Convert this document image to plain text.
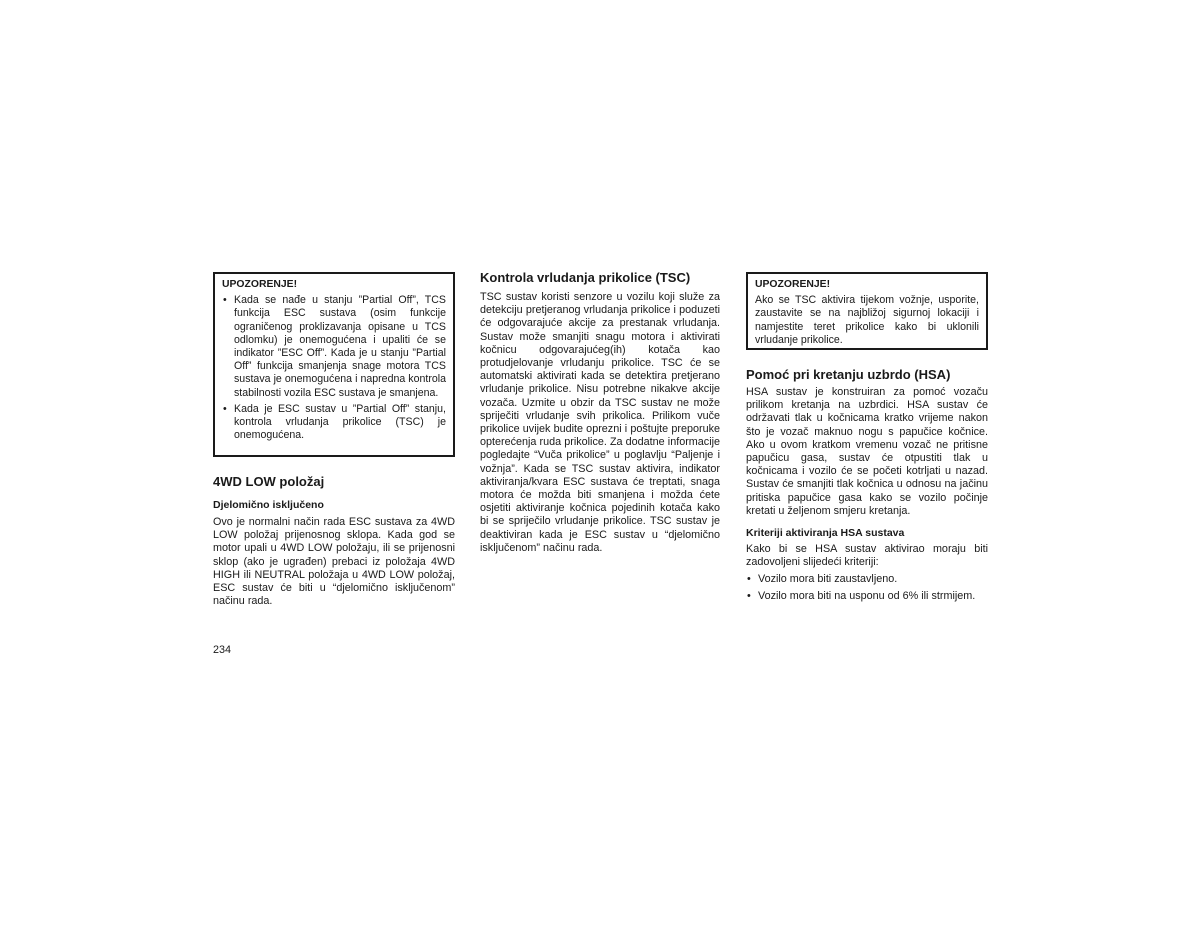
UPOZORENJE!

• Kada se nađe u stanju ”Partial Off”, TCS funkcija ESC sustava (osim funkcije ograničenog proklizavanja opisane u TCS odlomku) je onemogućena i upaliti će se indikator ”ESC Off”. Kada je u stanju ”Partial Off” funkcija smanjenja snage motora TCS sustava je onemogućena i napredna kontrola stabilnosti vozila ESC sustava je smanjena.
• Kada je ESC sustav u ”Partial Off” stanju, kontrola vrludanja prikolice (TSC) je onemogućena.
4WD LOW položaj
Djelomično isključeno

Ovo je normalni način rada ESC sustava za 4WD LOW položaj prijenosnog sklopa. Kada god se motor upali u 4WD LOW položaju, ili se prijenosni sklop (ako je ugrađen) prebaci iz položaja 4WD HIGH ili NEUTRAL položaja u 4WD LOW položaj, ESC sustav će biti u “djelomično isključenom” načinu rada.

Kontrola vrludanja prikolice (TSC)

TSC sustav koristi senzore u vozilu koji služe za detekciju pretjeranog vrludanja prikolice i poduzeti će odgovarajuće akcije za prestanak vrludanja. Sustav može smanjiti snagu motora i aktivirati kočnicu odgovarajućeg(ih) kotača kao protudjelovanje vrludanju prikolice. TSC će se automatski aktivirati kada se detektira pretjerano vrludanje prikolice. Nisu potrebne nikakve akcije vozača. Uzmite u obzir da TSC sustav ne može spriječiti vrludanje svih prikolica. Prilikom vuče prikolice uvijek budite oprezni i poštujte preporuke opterećenja ruda prikolice. Za dodatne informacije pogledajte “Vuča prikolice” u poglavlju “Paljenje i vožnja”. Kada se TSC sustav aktivira, indikator aktiviranja/kvara ESC sustava će treptati, snaga motora će možda biti smanjena i možda ćete osjetiti aktiviranje kočnica pojedinih kotača kako bi se spriječilo vrludanje prikolice. TSC sustav je deaktiviran kada je ESC sustav u “djelomično isključenom” načinu rada.

UPOZORENJE!

Ako se TSC aktivira tijekom vožnje, usporite, zaustavite se na najbližoj sigurnoj lokaciji i namjestite teret prikolice kako bi uklonili vrludanje prikolice.

Pomoć pri kretanju uzbrdo (HSA)

HSA sustav je konstruiran za pomoć vozaču prilikom kretanja na uzbrdici. HSA sustav će održavati tlak u kočnicama kratko vrijeme nakon što je vozač maknuo nogu s papučice kočnice. Ako u ovom kratkom vremenu vozač ne pritisne papučicu gasa, sustav će otpustiti tlak u kočnicama i vozilo će se početi kotrljati u nazad. Sustav će smanjiti tlak kočnica u odnosu na jačinu pritiska papučice gasa kako se vozilo počinje kretati u željenom smjeru kretanja.

Kriteriji aktiviranja HSA sustava

Kako bi se HSA sustav aktivirao moraju biti zadovoljeni slijedeći kriteriji:

• Vozilo mora biti zaustavljeno.
• Vozilo mora biti na usponu od 6% ili strmijem.
234
